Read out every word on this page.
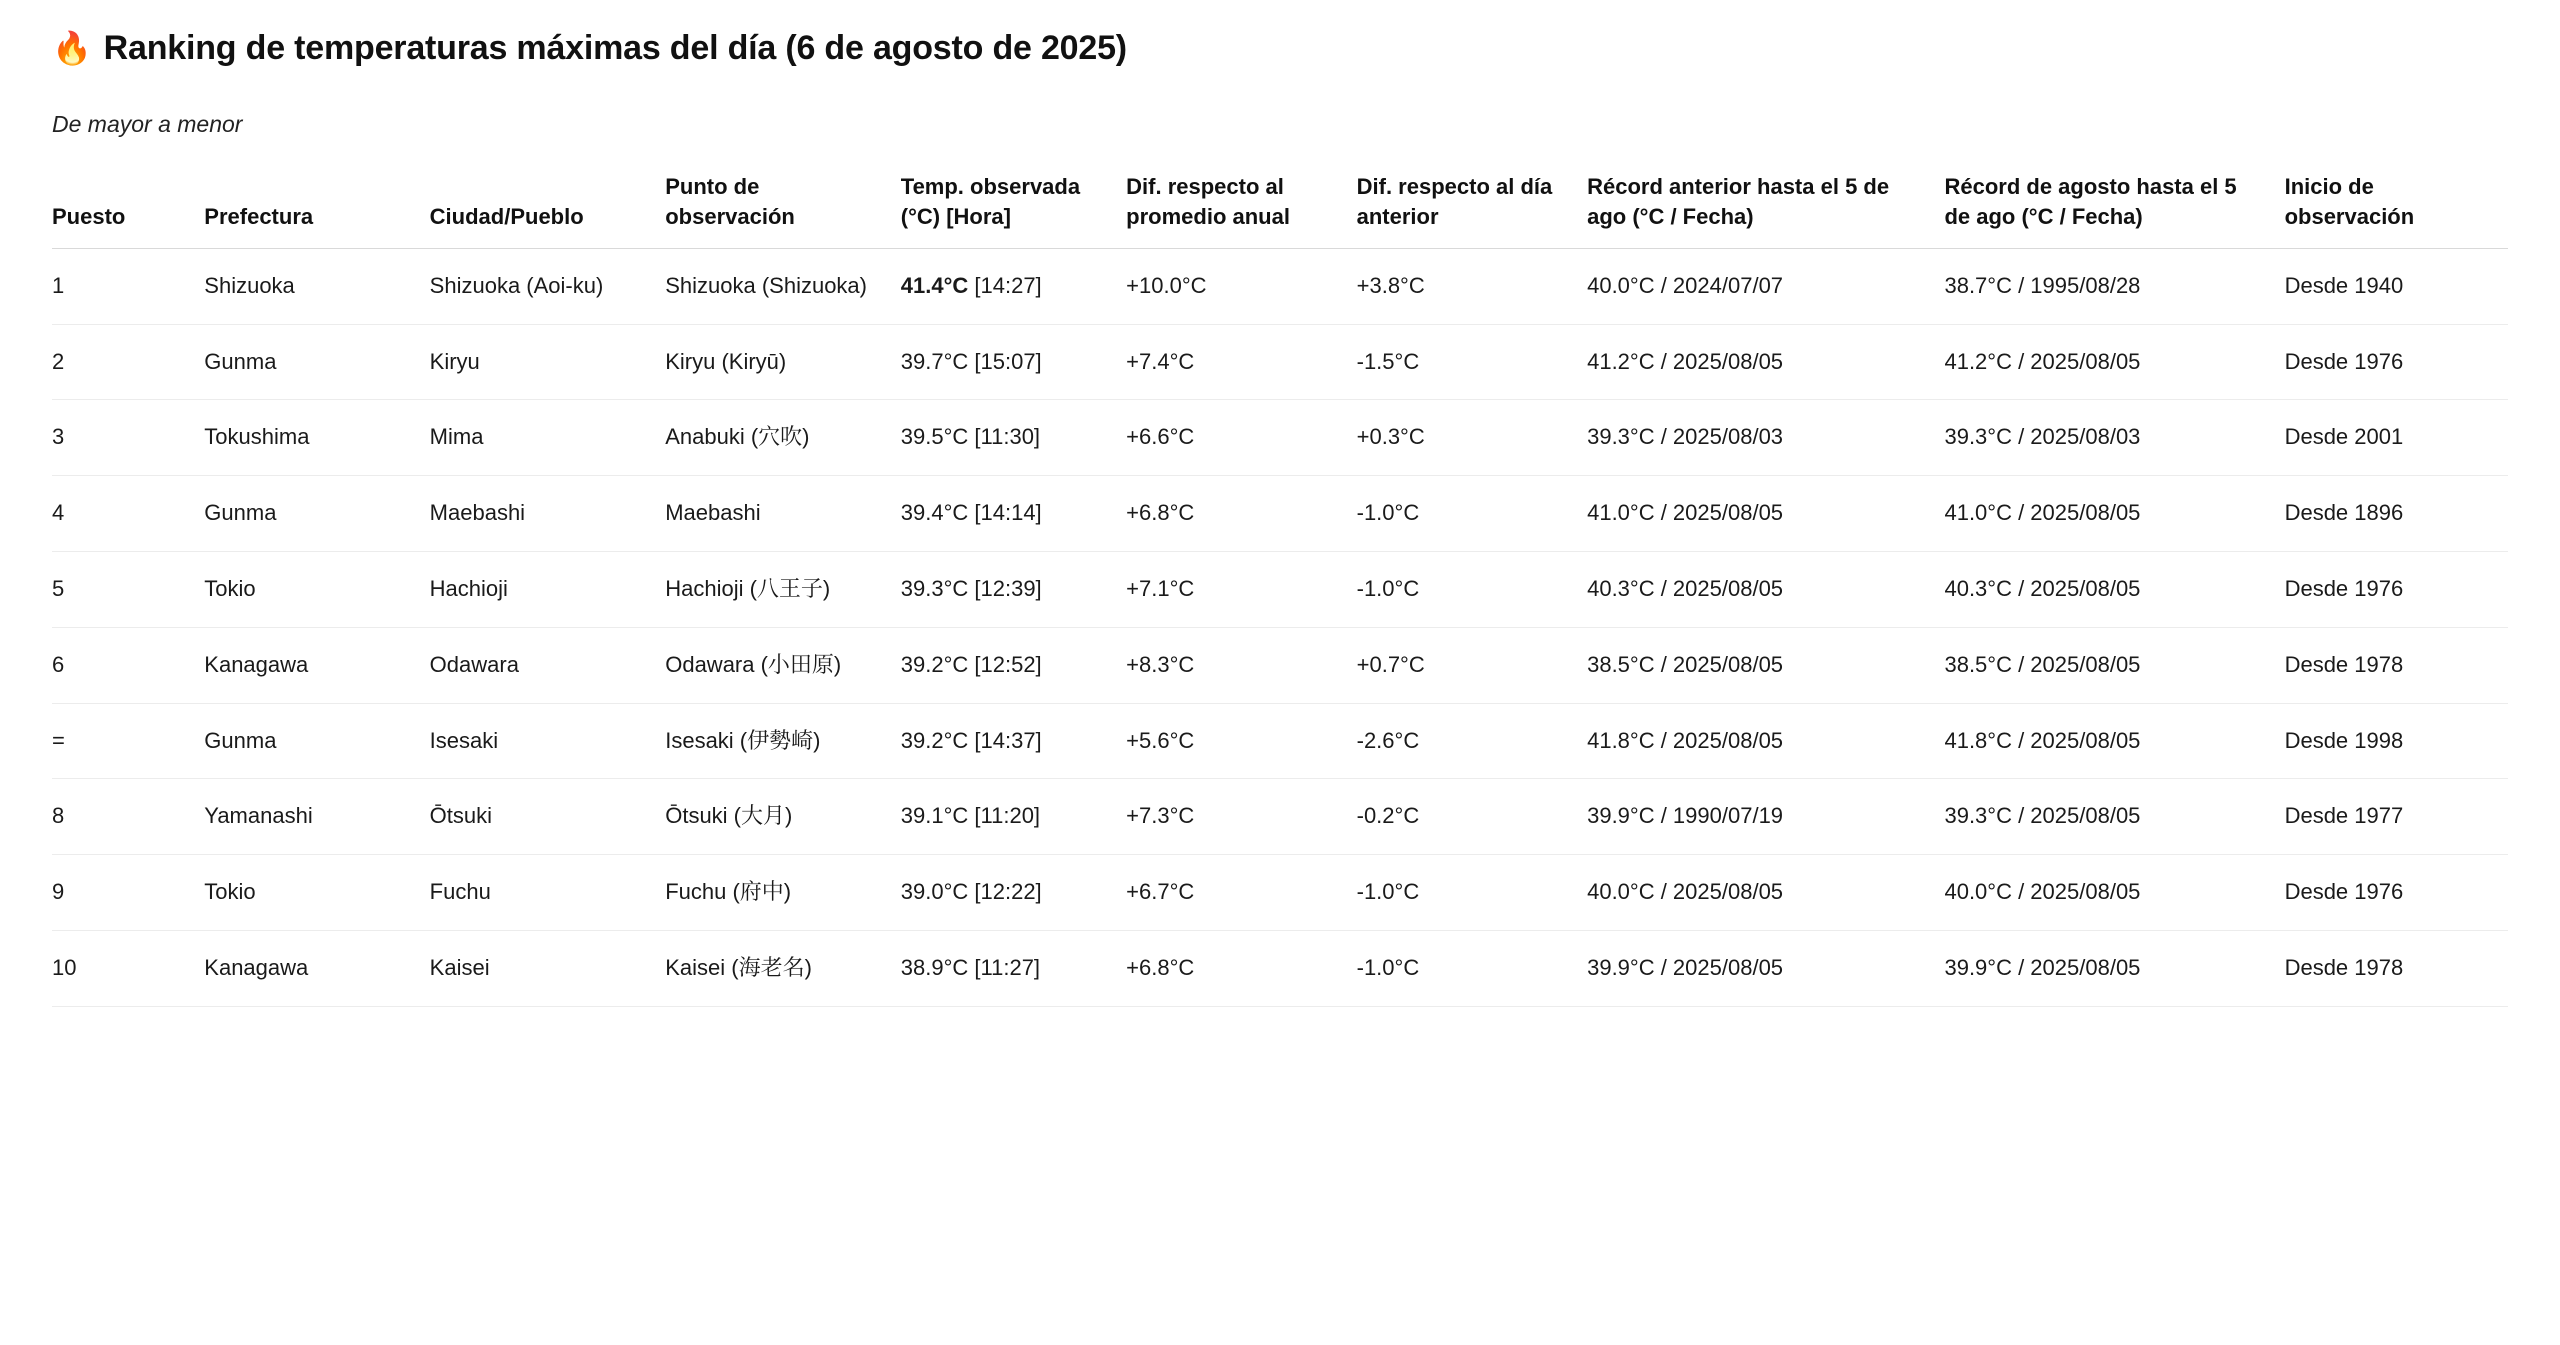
🔥 Ranking de temperaturas máximas del día (6 de agosto de 2025)

De mayor a menor

Puesto	Prefectura	Ciudad/Pueblo	Punto de observación	Temp. observada (°C) [Hora]	Dif. respecto al promedio anual	Dif. respecto al día anterior	Récord anterior hasta el 5 de ago (°C / Fecha)	Récord de agosto hasta el 5 de ago (°C / Fecha)	Inicio de observación
1	Shizuoka	Shizuoka (Aoi-ku)	Shizuoka (Shizuoka)	41.4°C [14:27]	+10.0°C	+3.8°C	40.0°C / 2024/07/07	38.7°C / 1995/08/28	Desde 1940
2	Gunma	Kiryu	Kiryu (Kiryū)	39.7°C [15:07]	+7.4°C	-1.5°C	41.2°C / 2025/08/05	41.2°C / 2025/08/05	Desde 1976
3	Tokushima	Mima	Anabuki (穴吹)	39.5°C [11:30]	+6.6°C	+0.3°C	39.3°C / 2025/08/03	39.3°C / 2025/08/03	Desde 2001
4	Gunma	Maebashi	Maebashi	39.4°C [14:14]	+6.8°C	-1.0°C	41.0°C / 2025/08/05	41.0°C / 2025/08/05	Desde 1896
5	Tokio	Hachioji	Hachioji (八王子)	39.3°C [12:39]	+7.1°C	-1.0°C	40.3°C / 2025/08/05	40.3°C / 2025/08/05	Desde 1976
6	Kanagawa	Odawara	Odawara (小田原)	39.2°C [12:52]	+8.3°C	+0.7°C	38.5°C / 2025/08/05	38.5°C / 2025/08/05	Desde 1978
=	Gunma	Isesaki	Isesaki (伊勢崎)	39.2°C [14:37]	+5.6°C	-2.6°C	41.8°C / 2025/08/05	41.8°C / 2025/08/05	Desde 1998
8	Yamanashi	Ōtsuki	Ōtsuki (大月)	39.1°C [11:20]	+7.3°C	-0.2°C	39.9°C / 1990/07/19	39.3°C / 2025/08/05	Desde 1977
9	Tokio	Fuchu	Fuchu (府中)	39.0°C [12:22]	+6.7°C	-1.0°C	40.0°C / 2025/08/05	40.0°C / 2025/08/05	Desde 1976
10	Kanagawa	Kaisei	Kaisei (海老名)	38.9°C [11:27]	+6.8°C	-1.0°C	39.9°C / 2025/08/05	39.9°C / 2025/08/05	Desde 1978
